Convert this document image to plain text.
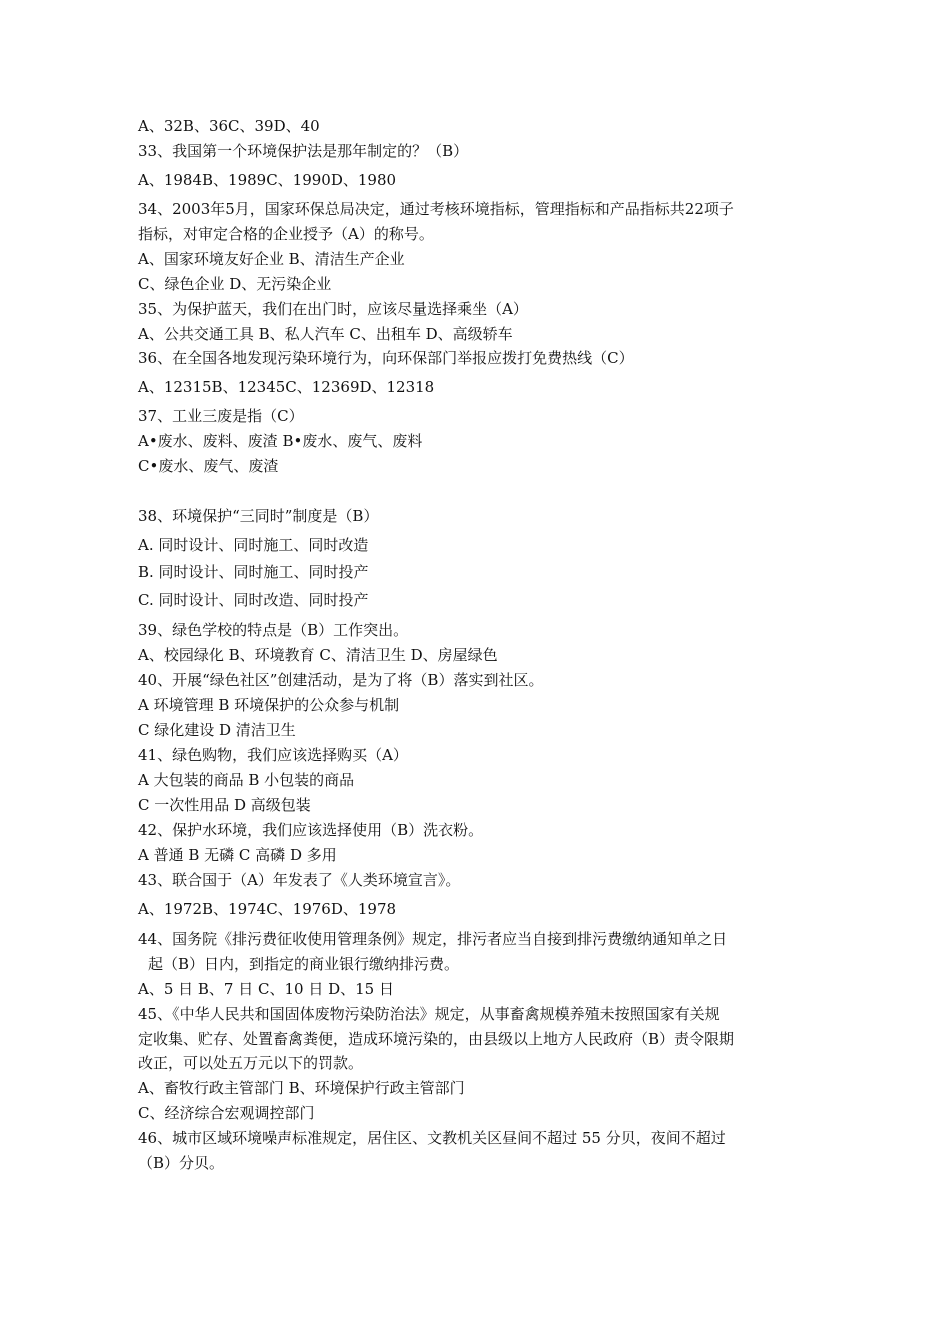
A、32B、36C、39D、40
33、我国第一个环境保护法是那年制定的？（B）
A、1984B、1989C、1990D、1980
34、2003年5月，国家环保总局决定，通过考核环境指标，管理指标和产品指标共22项子
指标，对审定合格的企业授予（A）的称号。
A、国家环境友好企业 B、清洁生产企业
C、绿色企业 D、无污染企业
35、为保护蓝天，我们在出门时，应该尽量选择乘坐（A）
A、公共交通工具 B、私人汽车 C、出租车 D、高级轿车
36、在全国各地发现污染环境行为，向环保部门举报应拨打免费热线（C）
A、12315B、12345C、12369D、12318
37、工业三废是指（C）
A•废水、废料、废渣 B•废水、废气、废料
C•废水、废气、废渣
38、环境保护“三同时”制度是（B）
A. 同时设计、同时施工、同时改造
B. 同时设计、同时施工、同时投产
C. 同时设计、同时改造、同时投产
39、绿色学校的特点是（B）工作突出。
A、校园绿化 B、环境教育 C、清洁卫生 D、房屋绿色
40、开展“绿色社区”创建活动，是为了将（B）落实到社区。
A 环境管理 B 环境保护的公众参与机制
C 绿化建设 D 清洁卫生
41、绿色购物，我们应该选择购买（A）
A 大包装的商品 B 小包装的商品
C 一次性用品 D 高级包装
42、保护水环境，我们应该选择使用（B）洗衣粉。
A 普通 B 无磷 C 高磷 D 多用
43、联合国于（A）年发表了《人类环境宣言》。
A、1972B、1974C、1976D、1978
44、国务院《排污费征收使用管理条例》规定，排污者应当自接到排污费缴纳通知单之日
起（B）日内，到指定的商业银行缴纳排污费。
A、5 日 B、7 日 C、10 日 D、15 日
45、《中华人民共和国固体废物污染防治法》规定，从事畜禽规模养殖未按照国家有关规
定收集、贮存、处置畜禽粪便，造成环境污染的，由县级以上地方人民政府（B）责令限期
改正，可以处五万元以下的罚款。
A、畜牧行政主管部门 B、环境保护行政主管部门
C、经济综合宏观调控部门
46、城市区域环境噪声标准规定，居住区、文教机关区昼间不超过 55 分贝，夜间不超过
（B）分贝。
